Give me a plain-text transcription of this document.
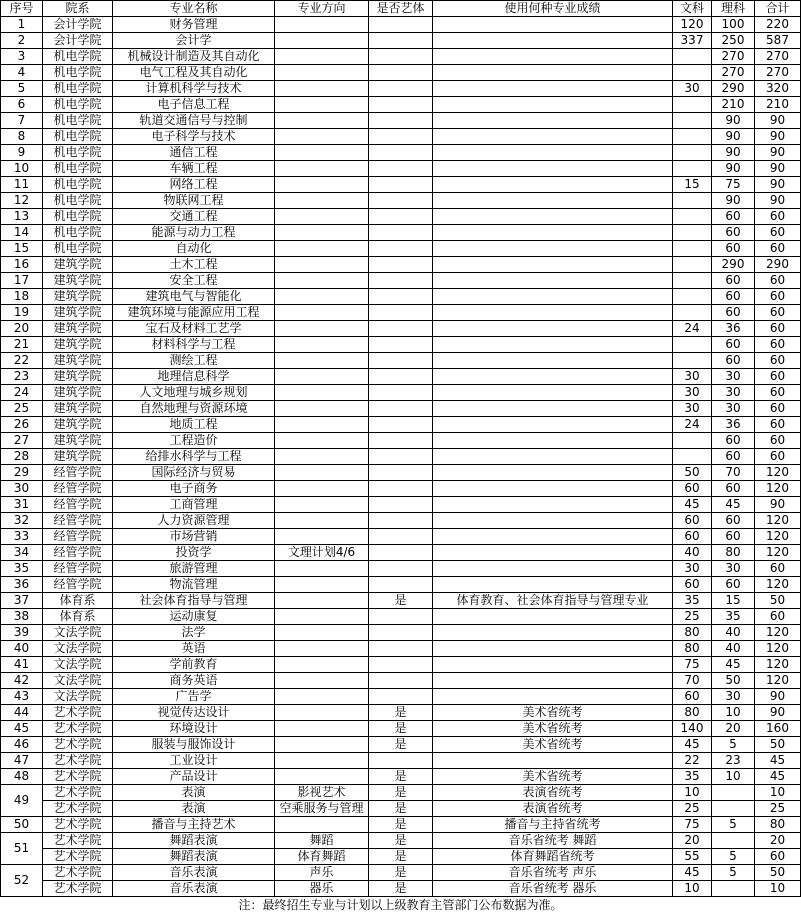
序号	院系	专业名称	专业方向	是否艺体	使用何种专业成绩	文科	理科	合计
1	会计学院	财务管理				120	100	220
2	会计学院	会计学				337	250	587
3	机电学院	机械设计制造及其自动化					270	270
4	机电学院	电气工程及其自动化					270	270
5	机电学院	计算机科学与技术				30	290	320
6	机电学院	电子信息工程					210	210
7	机电学院	轨道交通信号与控制					90	90
8	机电学院	电子科学与技术					90	90
9	机电学院	通信工程					90	90
10	机电学院	车辆工程					90	90
11	机电学院	网络工程				15	75	90
12	机电学院	物联网工程					90	90
13	机电学院	交通工程					60	60
14	机电学院	能源与动力工程					60	60
15	机电学院	自动化					60	60
16	建筑学院	土木工程					290	290
17	建筑学院	安全工程					60	60
18	建筑学院	建筑电气与智能化					60	60
19	建筑学院	建筑环境与能源应用工程					60	60
20	建筑学院	宝石及材料工艺学				24	36	60
21	建筑学院	材料科学与工程					60	60
22	建筑学院	测绘工程					60	60
23	建筑学院	地理信息科学				30	30	60
24	建筑学院	人文地理与城乡规划				30	30	60
25	建筑学院	自然地理与资源环境				30	30	60
26	建筑学院	地质工程				24	36	60
27	建筑学院	工程造价					60	60
28	建筑学院	给排水科学与工程					60	60
29	经管学院	国际经济与贸易				50	70	120
30	经管学院	电子商务				60	60	120
31	经管学院	工商管理				45	45	90
32	经管学院	人力资源管理				60	60	120
33	经管学院	市场营销				60	60	120
34	经管学院	投资学	文理计划4/6			40	80	120
35	经管学院	旅游管理				30	30	60
36	经管学院	物流管理				60	60	120
37	体育系	社会体育指导与管理		是	体育教育、社会体育指导与管理专业	35	15	50
38	体育系	运动康复				25	35	60
39	文法学院	法学				80	40	120
40	文法学院	英语				80	40	120
41	文法学院	学前教育				75	45	120
42	文法学院	商务英语				70	50	120
43	文法学院	广告学				60	30	90
44	艺术学院	视觉传达设计		是	美术省统考	80	10	90
45	艺术学院	环境设计		是	美术省统考	140	20	160
46	艺术学院	服装与服饰设计		是	美术省统考	45	5	50
47	艺术学院	工业设计				22	23	45
48	艺术学院	产品设计		是	美术省统考	35	10	45
49	艺术学院	表演	影视艺术	是	表演省统考	10		10
	艺术学院	表演	空乘服务与管理	是	表演省统考	25		25
50	艺术学院	播音与主持艺术		是	播音与主持省统考	75	5	80
51	艺术学院	舞蹈表演	舞蹈	是	音乐省统考 舞蹈	20		20
	艺术学院	舞蹈表演	体育舞蹈	是	体育舞蹈省统考	55	5	60
52	艺术学院	音乐表演	声乐	是	音乐省统考 声乐	45	5	50
	艺术学院	音乐表演	器乐	是	音乐省统考 器乐	10		10
注：最终招生专业与计划以上级教育主管部门公布数据为准。
